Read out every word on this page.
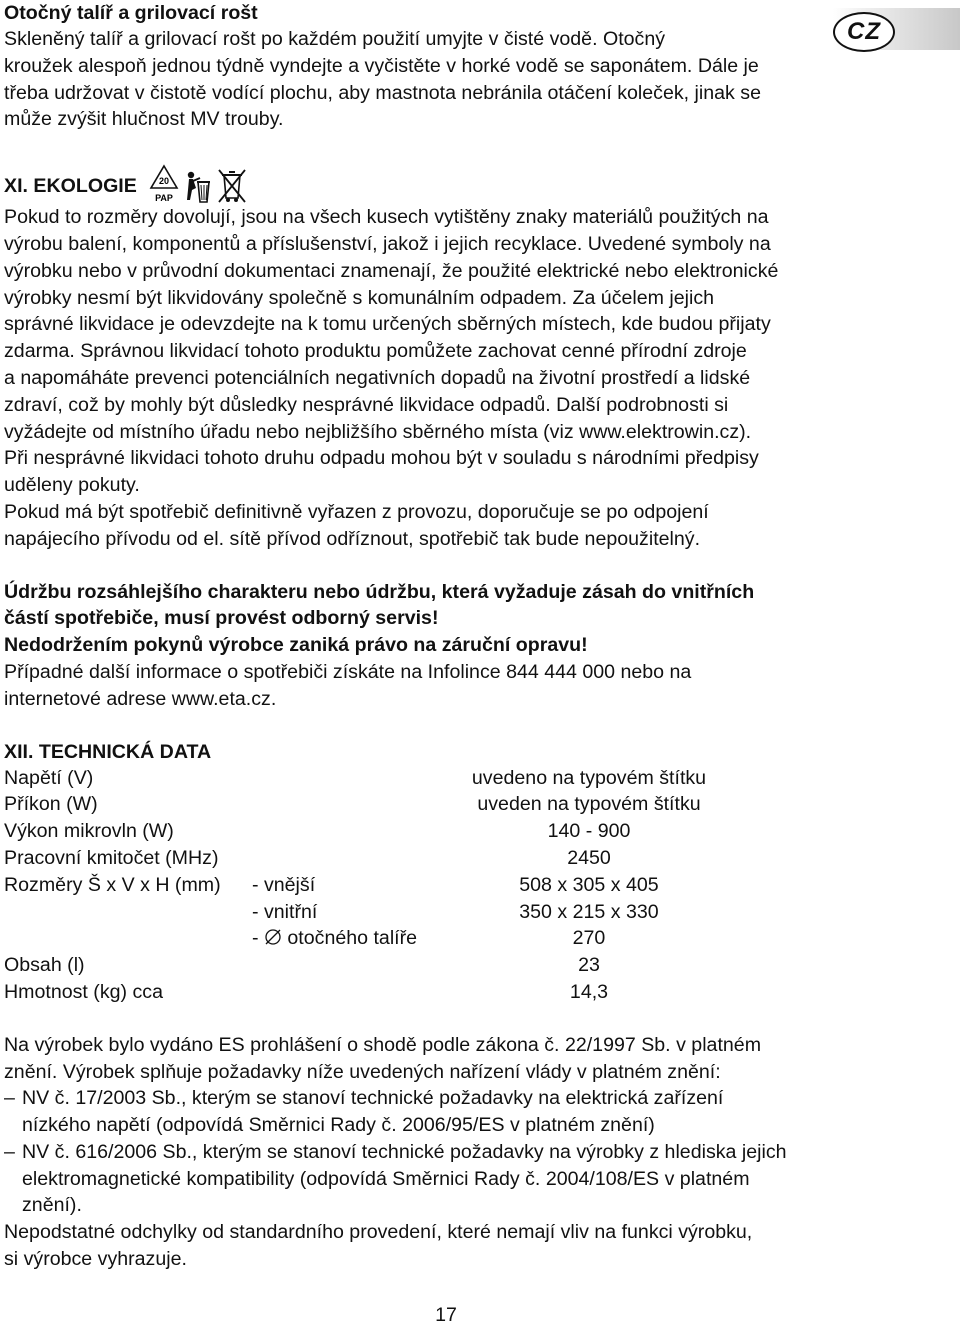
CZ

Otočný talíř a grilovací rošt

Skleněný talíř a grilovací rošt po každém použití umyjte v čisté vodě. Otočný

kroužek alespoň jednou týdně vyndejte a vyčistěte v horké vodě se saponátem. Dále je

třeba udržovat v čistotě vodící plochu, aby mastnota nebránila otáčení koleček, jinak se

může zvýšit hlučnost MV trouby.

XI. EKOLOGIE 20
PAP

Pokud to rozměry dovolují, jsou na všech kusech vytištěny znaky materiálů použitých na

výrobu balení, komponentů a příslušenství, jakož i jejich recyklace. Uvedené symboly na

výrobku nebo v průvodní dokumentaci znamenají, že použité elektrické nebo elektronické

výrobky nesmí být likvidovány společně s komunálním odpadem. Za účelem jejich

správné likvidace je odevzdejte na k tomu určených sběrných místech, kde budou přijaty

zdarma. Správnou likvidací tohoto produktu pomůžete zachovat cenné přírodní zdroje

a napomáháte prevenci potenciálních negativních dopadů na životní prostředí a lidské

zdraví, což by mohly být důsledky nesprávné likvidace odpadů. Další podrobnosti si

vyžádejte od místního úřadu nebo nejbližšího sběrného místa (viz www.elektrowin.cz).

Při nesprávné likvidaci tohoto druhu odpadu mohou být v souladu s národními předpisy

uděleny pokuty.

Pokud má být spotřebič definitivně vyřazen z provozu, doporučuje se po odpojení

napájecího přívodu od el. sítě přívod odříznout, spotřebič tak bude nepoužitelný.

Údržbu rozsáhlejšího charakteru nebo údržbu, která vyžaduje zásah do vnitřních

částí spotřebiče, musí provést odborný servis!

Nedodržením pokynů výrobce zaniká právo na záruční opravu!

Případné další informace o spotřebiči získáte na Infolince 844 444 000 nebo na

internetové adrese www.eta.cz.

XII. TECHNICKÁ DATA

Napětí (V)	uvedeno na typovém štítku
Příkon (W)	uveden na typovém štítku
Výkon mikrovln (W)	140 - 900
Pracovní kmitočet (MHz)	2450
Rozměry Š x V x H (mm) - vnější	508 x 305 x 405
- vnitřní	350 x 215 x 330
-  otočného talíře	270
Obsah (l)	23
Hmotnost (kg) cca	14,3

Na výrobek bylo vydáno ES prohlášení o shodě podle zákona č. 22/1997 Sb. v platném

znění. Výrobek splňuje požadavky níže uvedených nařízení vlády v platném znění:

– NV č. 17/2003 Sb., kterým se stanoví technické požadavky na elektrická zařízení

nízkého napětí (odpovídá Směrnici Rady č. 2006/95/ES v platném znění)

– NV č. 616/2006 Sb., kterým se stanoví technické požadavky na výrobky z hlediska jejich

elektromagnetické kompatibility (odpovídá Směrnici Rady č. 2004/108/ES v platném

znění).

Nepodstatné odchylky od standardního provedení, které nemají vliv na funkci výrobku,

si výrobce vyhrazuje.

17
